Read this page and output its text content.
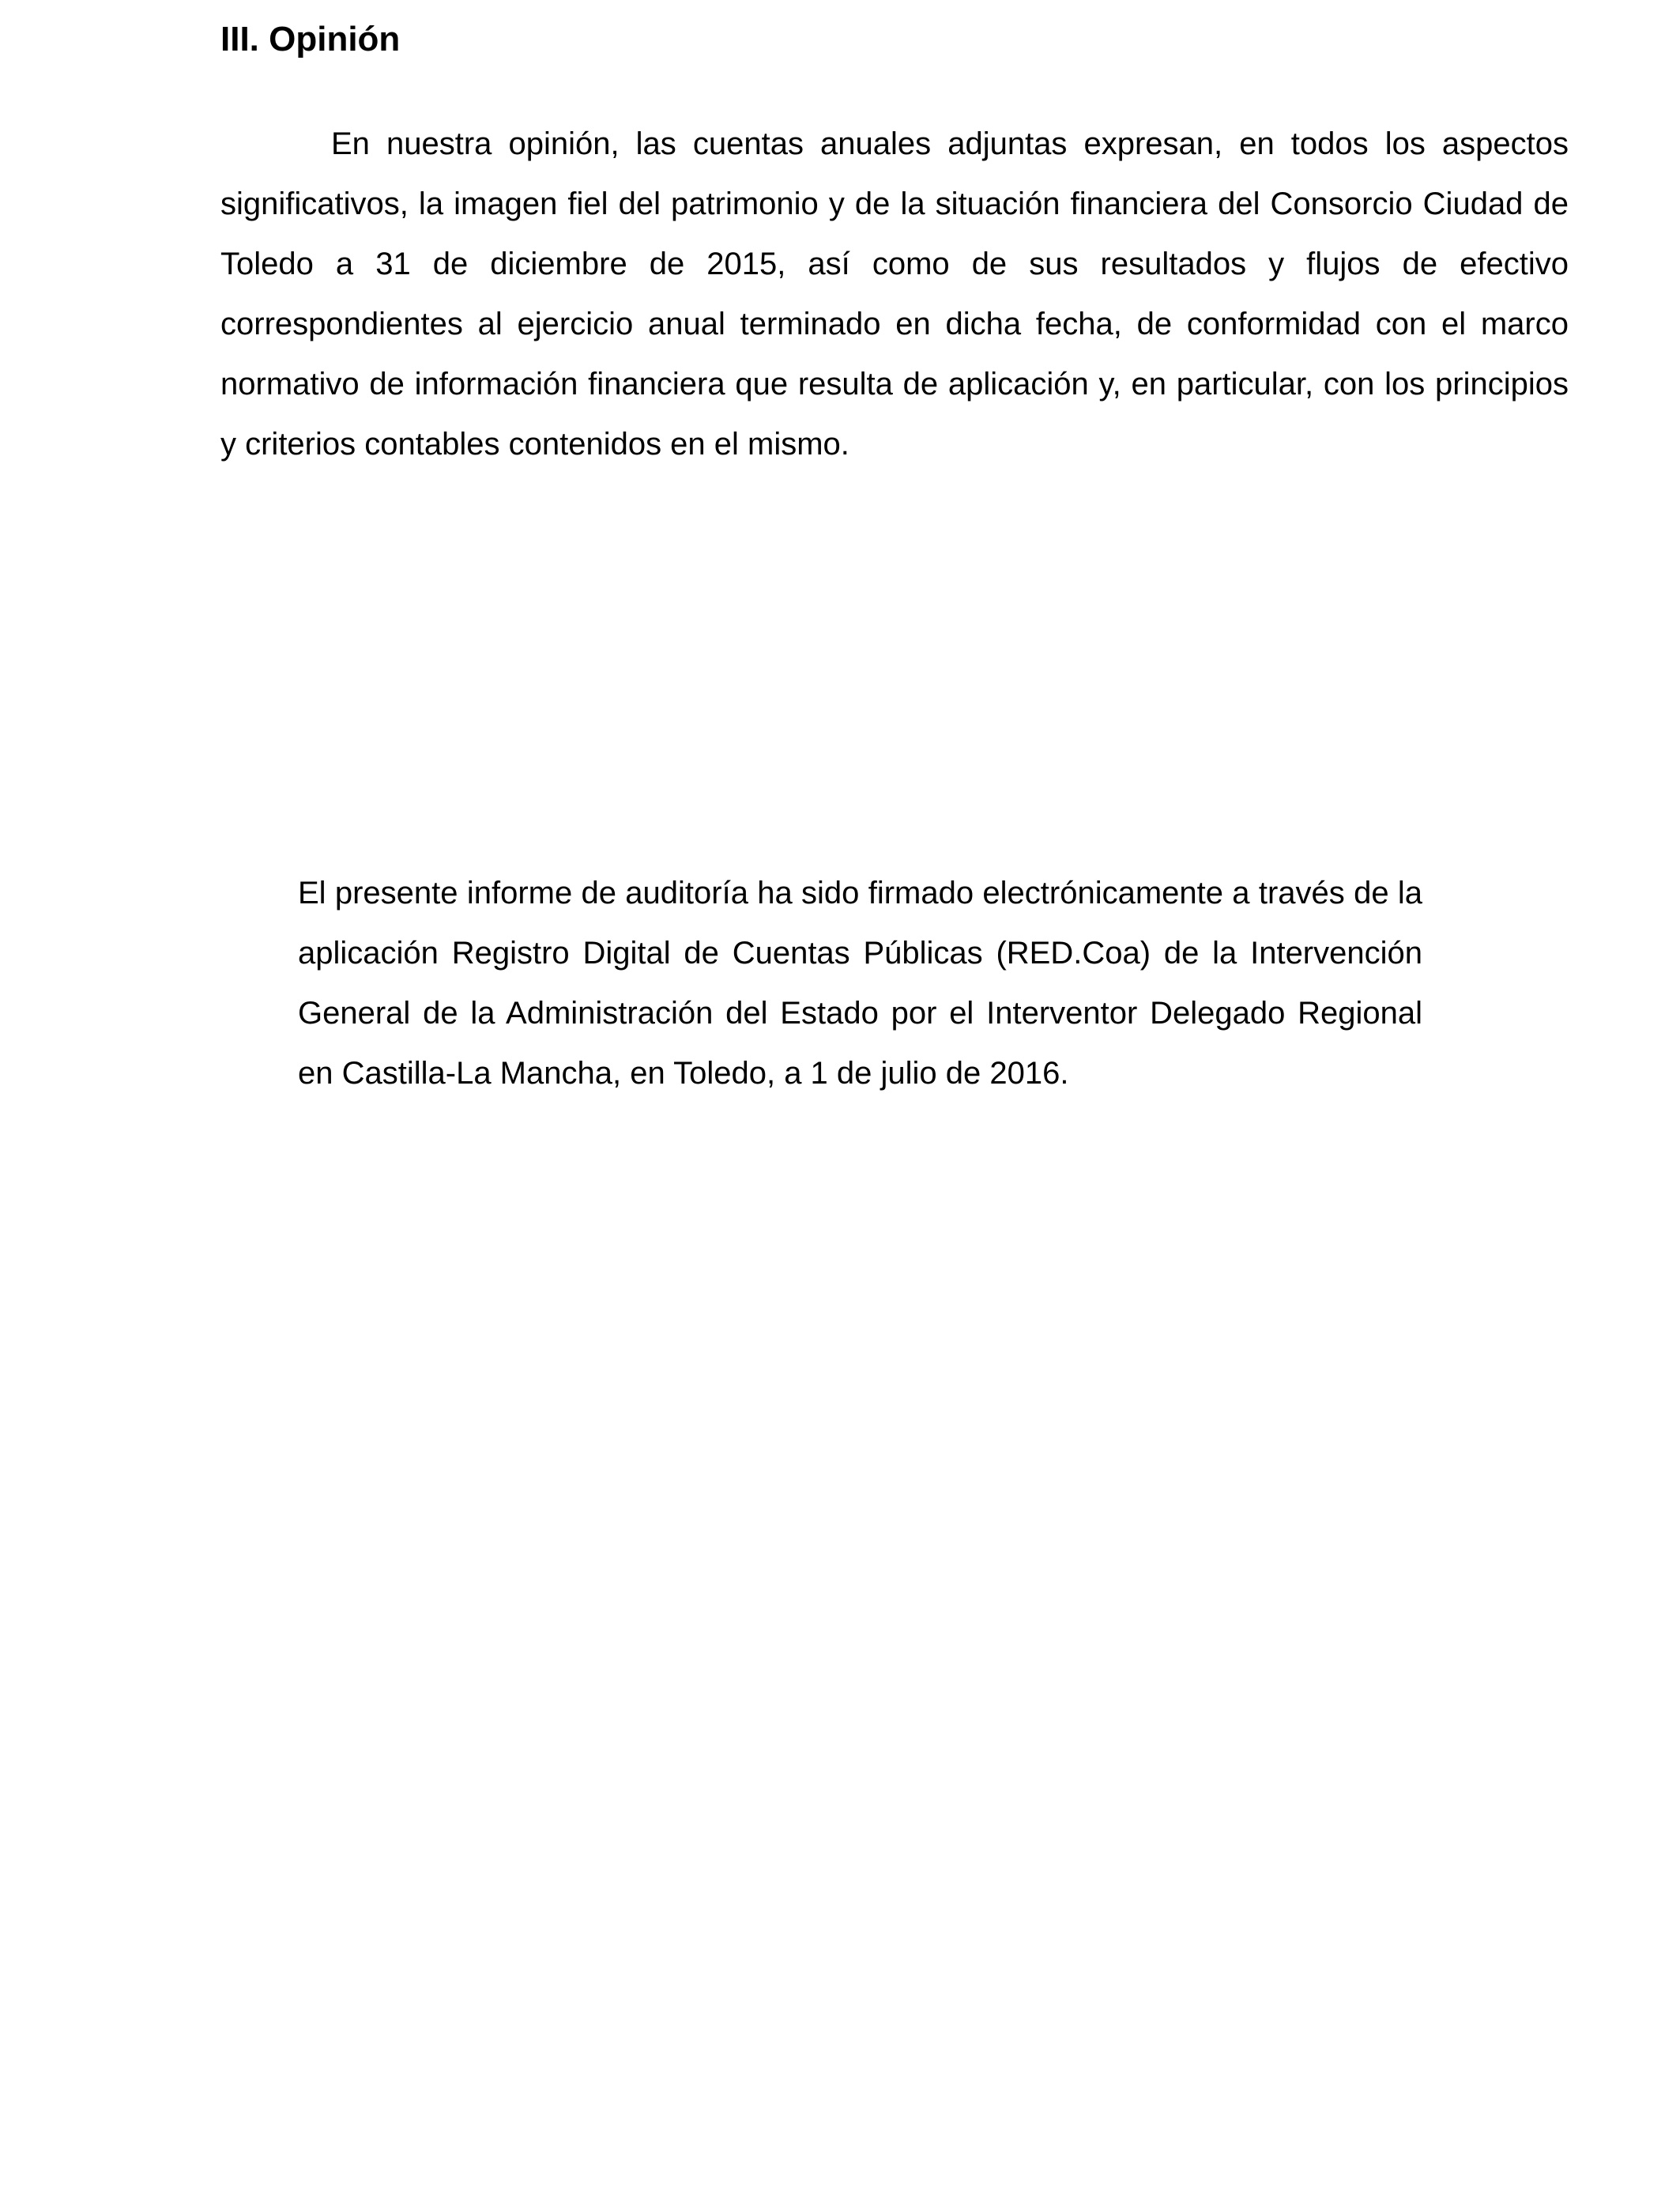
III. Opinión

En nuestra opinión, las cuentas anuales adjuntas expresan, en todos los aspectos significativos, la imagen fiel del patrimonio y de la situación financiera del Consorcio Ciudad de Toledo a 31 de diciembre de 2015, así como de sus resultados y flujos de efectivo correspondientes al ejercicio anual terminado en dicha fecha, de conformidad con el marco normativo de información financiera que resulta de aplicación y, en particular, con los principios y criterios contables contenidos en el mismo.

El presente informe de auditoría ha sido firmado electrónicamente a través de la aplicación Registro Digital de Cuentas Públicas (RED.Coa) de la Intervención General de la Administración del Estado por el Interventor Delegado Regional en Castilla-La Mancha, en Toledo, a 1 de julio de 2016.
